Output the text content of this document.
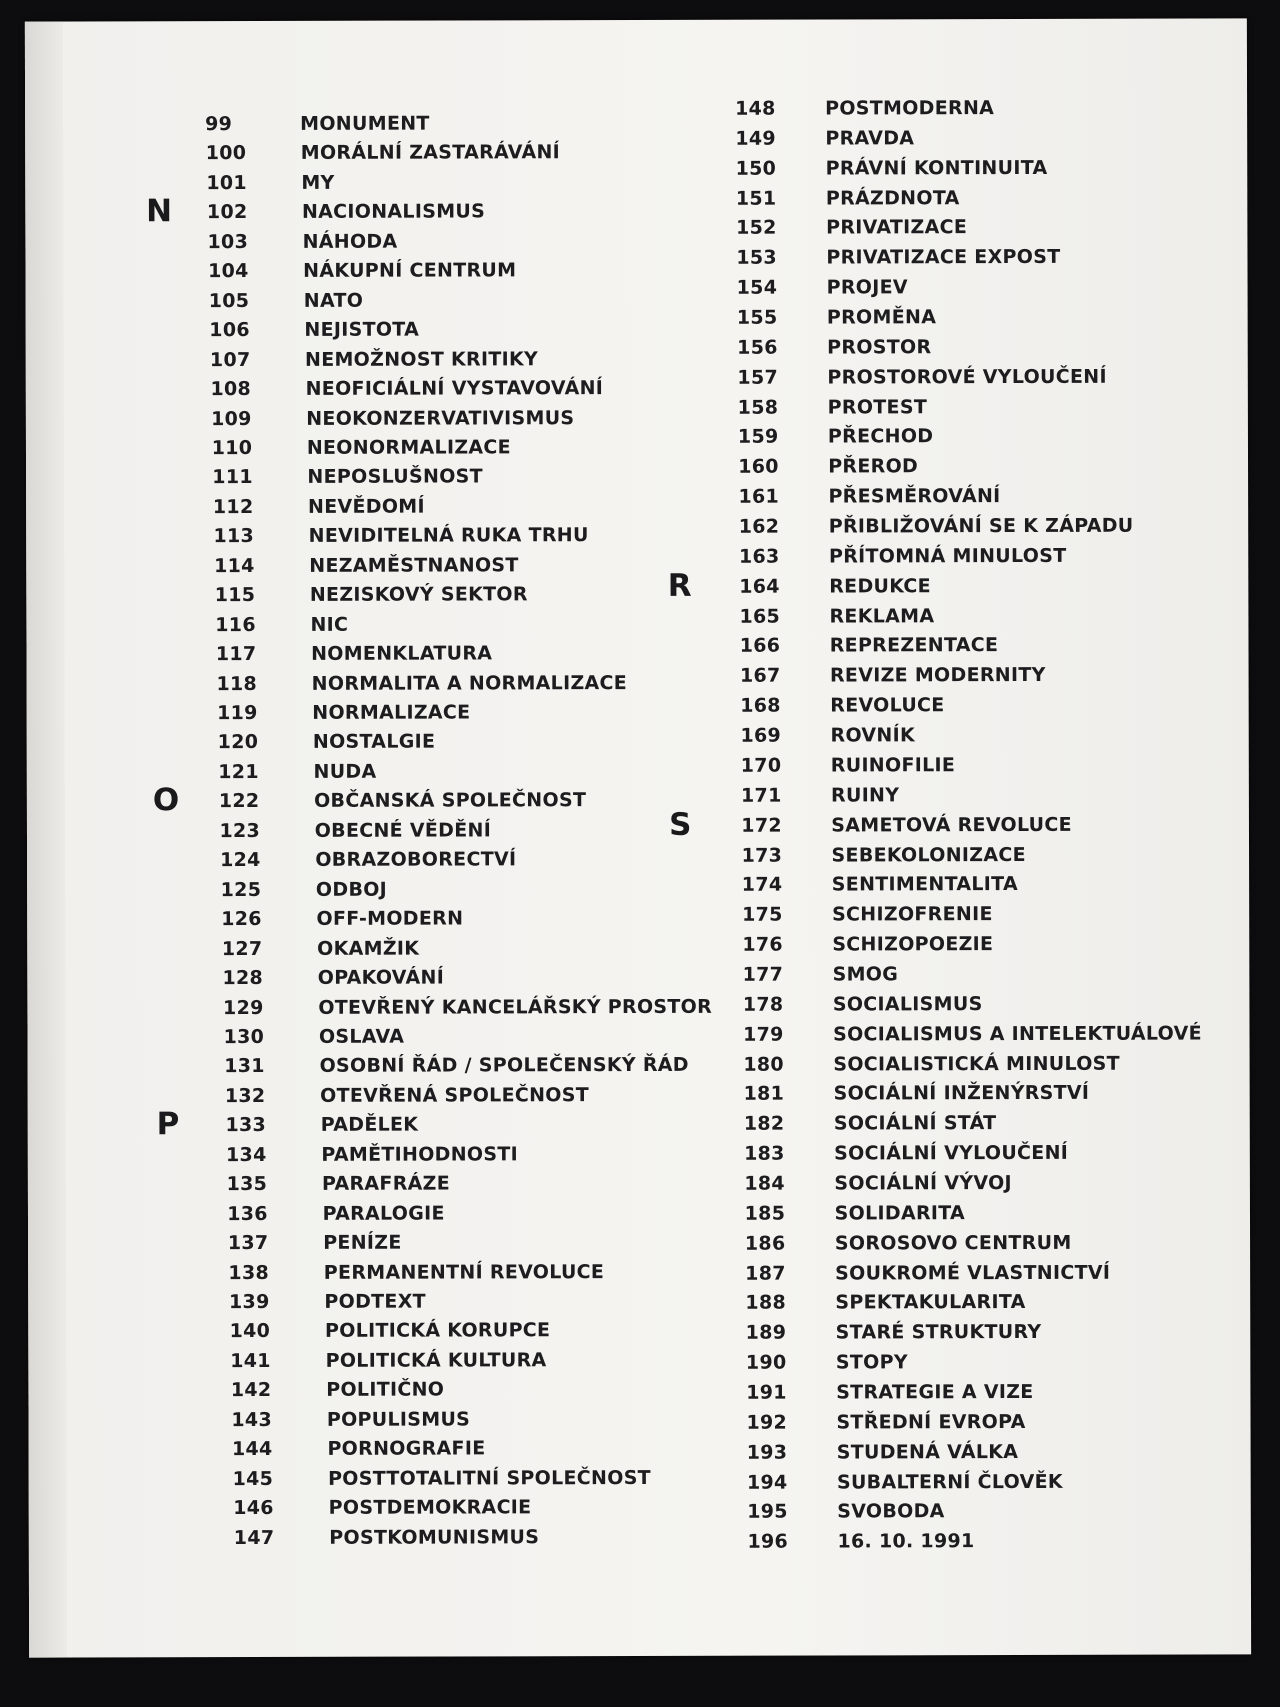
99	MONUMENT
100	MORÁLNÍ ZASTARÁVÁNÍ
101	MY
102	NACIONALISMUS
N
103	NÁHODA
104	NÁKUPNÍ CENTRUM
105	NATO
106	NEJISTOTA
107	NEMOŽNOST KRITIKY
108	NEOFICIÁLNÍ VYSTAVOVÁNÍ
109	NEOKONZERVATIVISMUS
110	NEONORMALIZACE
111	NEPOSLUŠNOST
112	NEVĚDOMÍ
113	NEVIDITELNÁ RUKA TRHU
114	NEZAMĚSTNANOST
115	NEZISKOVÝ SEKTOR
116	NIC
117	NOMENKLATURA
118	NORMALITA A NORMALIZACE
119	NORMALIZACE
120	NOSTALGIE
121	NUDA
122	OBČANSKÁ SPOLEČNOST
O
123	OBECNÉ VĚDĚNÍ
124	OBRAZOBORECTVÍ
125	ODBOJ
126	OFF-MODERN
127	OKAMŽIK
128	OPAKOVÁNÍ
129	OTEVŘENÝ KANCELÁŘSKÝ PROSTOR
130	OSLAVA
131	OSOBNÍ ŘÁD / SPOLEČENSKÝ ŘÁD
132	OTEVŘENÁ SPOLEČNOST
133	PADĚLEK
P
134	PAMĚTIHODNOSTI
135	PARAFRÁZE
136	PARALOGIE
137	PENÍZE
138	PERMANENTNÍ REVOLUCE
139	PODTEXT
140	POLITICKÁ KORUPCE
141	POLITICKÁ KULTURA
142	POLITIČNO
143	POPULISMUS
144	PORNOGRAFIE
145	POSTTOTALITNÍ SPOLEČNOST
146	POSTDEMOKRACIE
147	POSTKOMUNISMUS
148	POSTMODERNA
149	PRAVDA
150	PRÁVNÍ KONTINUITA
151	PRÁZDNOTA
152	PRIVATIZACE
153	PRIVATIZACE EXPOST
154	PROJEV
155	PROMĚNA
156	PROSTOR
157	PROSTOROVÉ VYLOUČENÍ
158	PROTEST
159	PŘECHOD
160	PŘEROD
161	PŘESMĚROVÁNÍ
162	PŘIBLIŽOVÁNÍ SE K ZÁPADU
163	PŘÍTOMNÁ MINULOST
164	REDUKCE
R
165	REKLAMA
166	REPREZENTACE
167	REVIZE MODERNITY
168	REVOLUCE
169	ROVNÍK
170	RUINOFILIE
171	RUINY
172	SAMETOVÁ REVOLUCE
S
173	SEBEKOLONIZACE
174	SENTIMENTALITA
175	SCHIZOFRENIE
176	SCHIZOPOEZIE
177	SMOG
178	SOCIALISMUS
179	SOCIALISMUS A INTELEKTUÁLOVÉ
180	SOCIALISTICKÁ MINULOST
181	SOCIÁLNÍ INŽENÝRSTVÍ
182	SOCIÁLNÍ STÁT
183	SOCIÁLNÍ VYLOUČENÍ
184	SOCIÁLNÍ VÝVOJ
185	SOLIDARITA
186	SOROSOVO CENTRUM
187	SOUKROMÉ VLASTNICTVÍ
188	SPEKTAKULARITA
189	STARÉ STRUKTURY
190	STOPY
191	STRATEGIE A VIZE
192	STŘEDNÍ EVROPA
193	STUDENÁ VÁLKA
194	SUBALTERNÍ ČLOVĚK
195	SVOBODA
196	16. 10. 1991
